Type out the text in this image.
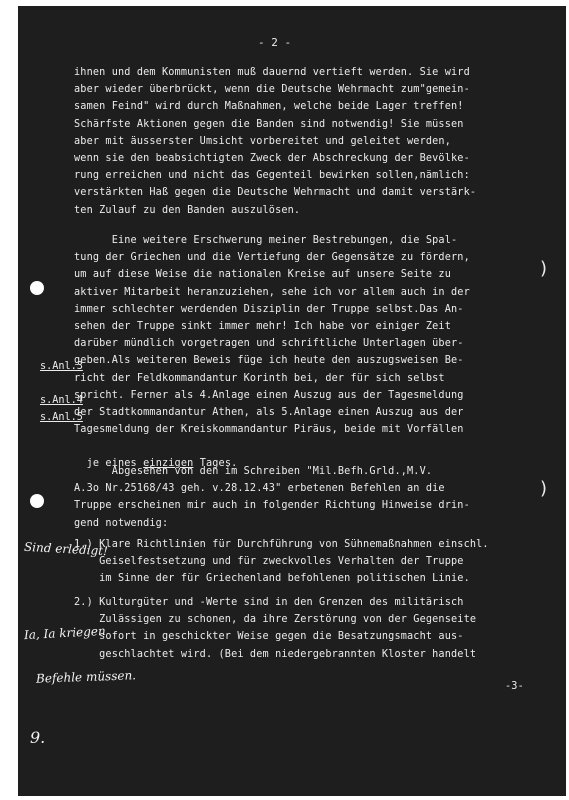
- 2 -
ihnen und dem Kommunisten muß dauernd vertieft werden. Sie wird
aber wieder überbrückt, wenn die Deutsche Wehrmacht zum"gemein-
samen Feind" wird durch Maßnahmen, welche beide Lager treffen!
Schärfste Aktionen gegen die Banden sind notwendig! Sie müssen
aber mit äusserster Umsicht vorbereitet und geleitet werden,
wenn sie den beabsichtigten Zweck der Abschreckung der Bevölke-
rung erreichen und nicht das Gegenteil bewirken sollen,nämlich:
verstärkten Haß gegen die Deutsche Wehrmacht und damit verstärk-
ten Zulauf zu den Banden auszulösen.
Eine weitere Erschwerung meiner Bestrebungen, die Spal-
tung der Griechen und die Vertiefung der Gegensätze zu fördern,
um auf diese Weise die nationalen Kreise auf unsere Seite zu
aktiver Mitarbeit heranzuziehen, sehe ich vor allem auch in der
immer schlechter werdenden Disziplin der Truppe selbst.Das An-
sehen der Truppe sinkt immer mehr! Ich habe vor einiger Zeit
darüber mündlich vorgetragen und schriftliche Unterlagen über-
geben.Als weiteren Beweis füge ich heute den auszugsweisen Be-
richt der Feldkommandantur Korinth bei, der für sich selbst
spricht. Ferner als 4.Anlage einen Auszug aus der Tagesmeldung
der Stadtkommandantur Athen, als 5.Anlage einen Auszug aus der
Tagesmeldung der Kreiskommandantur Piräus, beide mit Vorfällen

je eines einzigen Tages.

Abgesehen von den im Schreiben "Mil.Befh.Grld.,M.V.
A.3o Nr.25168/43 geh. v.28.12.43" erbetenen Befehlen an die
Truppe erscheinen mir auch in folgender Richtung Hinweise drin-
gend notwendig:
1.) Klare Richtlinien für Durchführung von Sühnemaßnahmen einschl.
Geiselfestsetzung und für zweckvolles Verhalten der Truppe
im Sinne der für Griechenland befohlenen politischen Linie.
2.) Kulturgüter und -Werte sind in den Grenzen des militärisch
Zulässigen zu schonen, da ihre Zerstörung von der Gegenseite
sofort in geschickter Weise gegen die Besatzungsmacht aus-
geschlachtet wird. (Bei dem niedergebrannten Kloster handelt
-3-
s.Anl.3
s.Anl.4
s.Anl.5
)
)
Sind erledigt!
Ia, Ia kriegen
Befehle müssen.
9.
